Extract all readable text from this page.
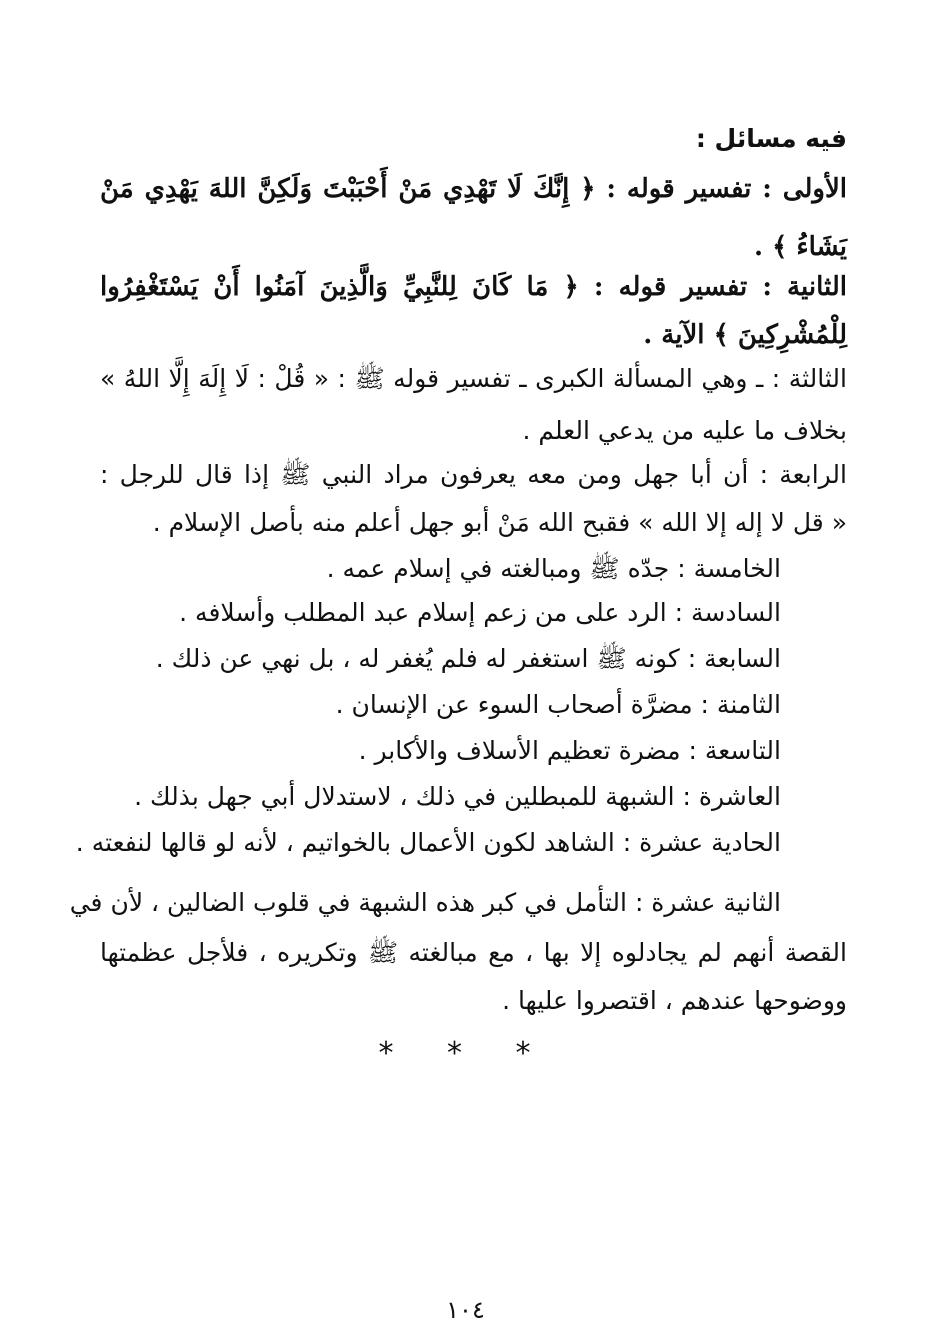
فيه مسائل :
الأولى : تفسير قوله : ﴿ إِنَّكَ لَا تَهْدِي مَنْ أَحْبَبْتَ وَلَكِنَّ اللهَ يَهْدِي مَنْ
يَشَاءُ ﴾ .
الثانية : تفسير قوله : ﴿ مَا كَانَ لِلنَّبِيِّ وَالَّذِينَ آمَنُوا أَنْ يَسْتَغْفِرُوا
لِلْمُشْرِكِينَ ﴾ الآية .
الثالثة : ـ وهي المسألة الكبرى ـ تفسير قوله ﷺ : « قُلْ : لَا إِلَهَ إِلَّا اللهُ »
بخلاف ما عليه من يدعي العلم .
الرابعة : أن أبا جهل ومن معه يعرفون مراد النبي ﷺ إذا قال للرجل :
« قل لا إله إلا الله » فقبح الله مَنْ أبو جهل أعلم منه بأصل الإسلام .
الخامسة : جدّه ﷺ ومبالغته في إسلام عمه .
السادسة : الرد على من زعم إسلام عبد المطلب وأسلافه .
السابعة : كونه ﷺ استغفر له فلم يُغفر له ، بل نهي عن ذلك .
الثامنة : مضرَّة أصحاب السوء عن الإنسان .
التاسعة : مضرة تعظيم الأسلاف والأكابر .
العاشرة : الشبهة للمبطلين في ذلك ، لاستدلال أبي جهل بذلك .
الحادية عشرة : الشاهد لكون الأعمال بالخواتيم ، لأنه لو قالها لنفعته .
الثانية عشرة : التأمل في كبر هذه الشبهة في قلوب الضالين ، لأن في
القصة أنهم لم يجادلوه إلا بها ، مع مبالغته ﷺ وتكريره ، فلأجل عظمتها
ووضوحها عندهم ، اقتصروا عليها .
* * *
١٠٤
